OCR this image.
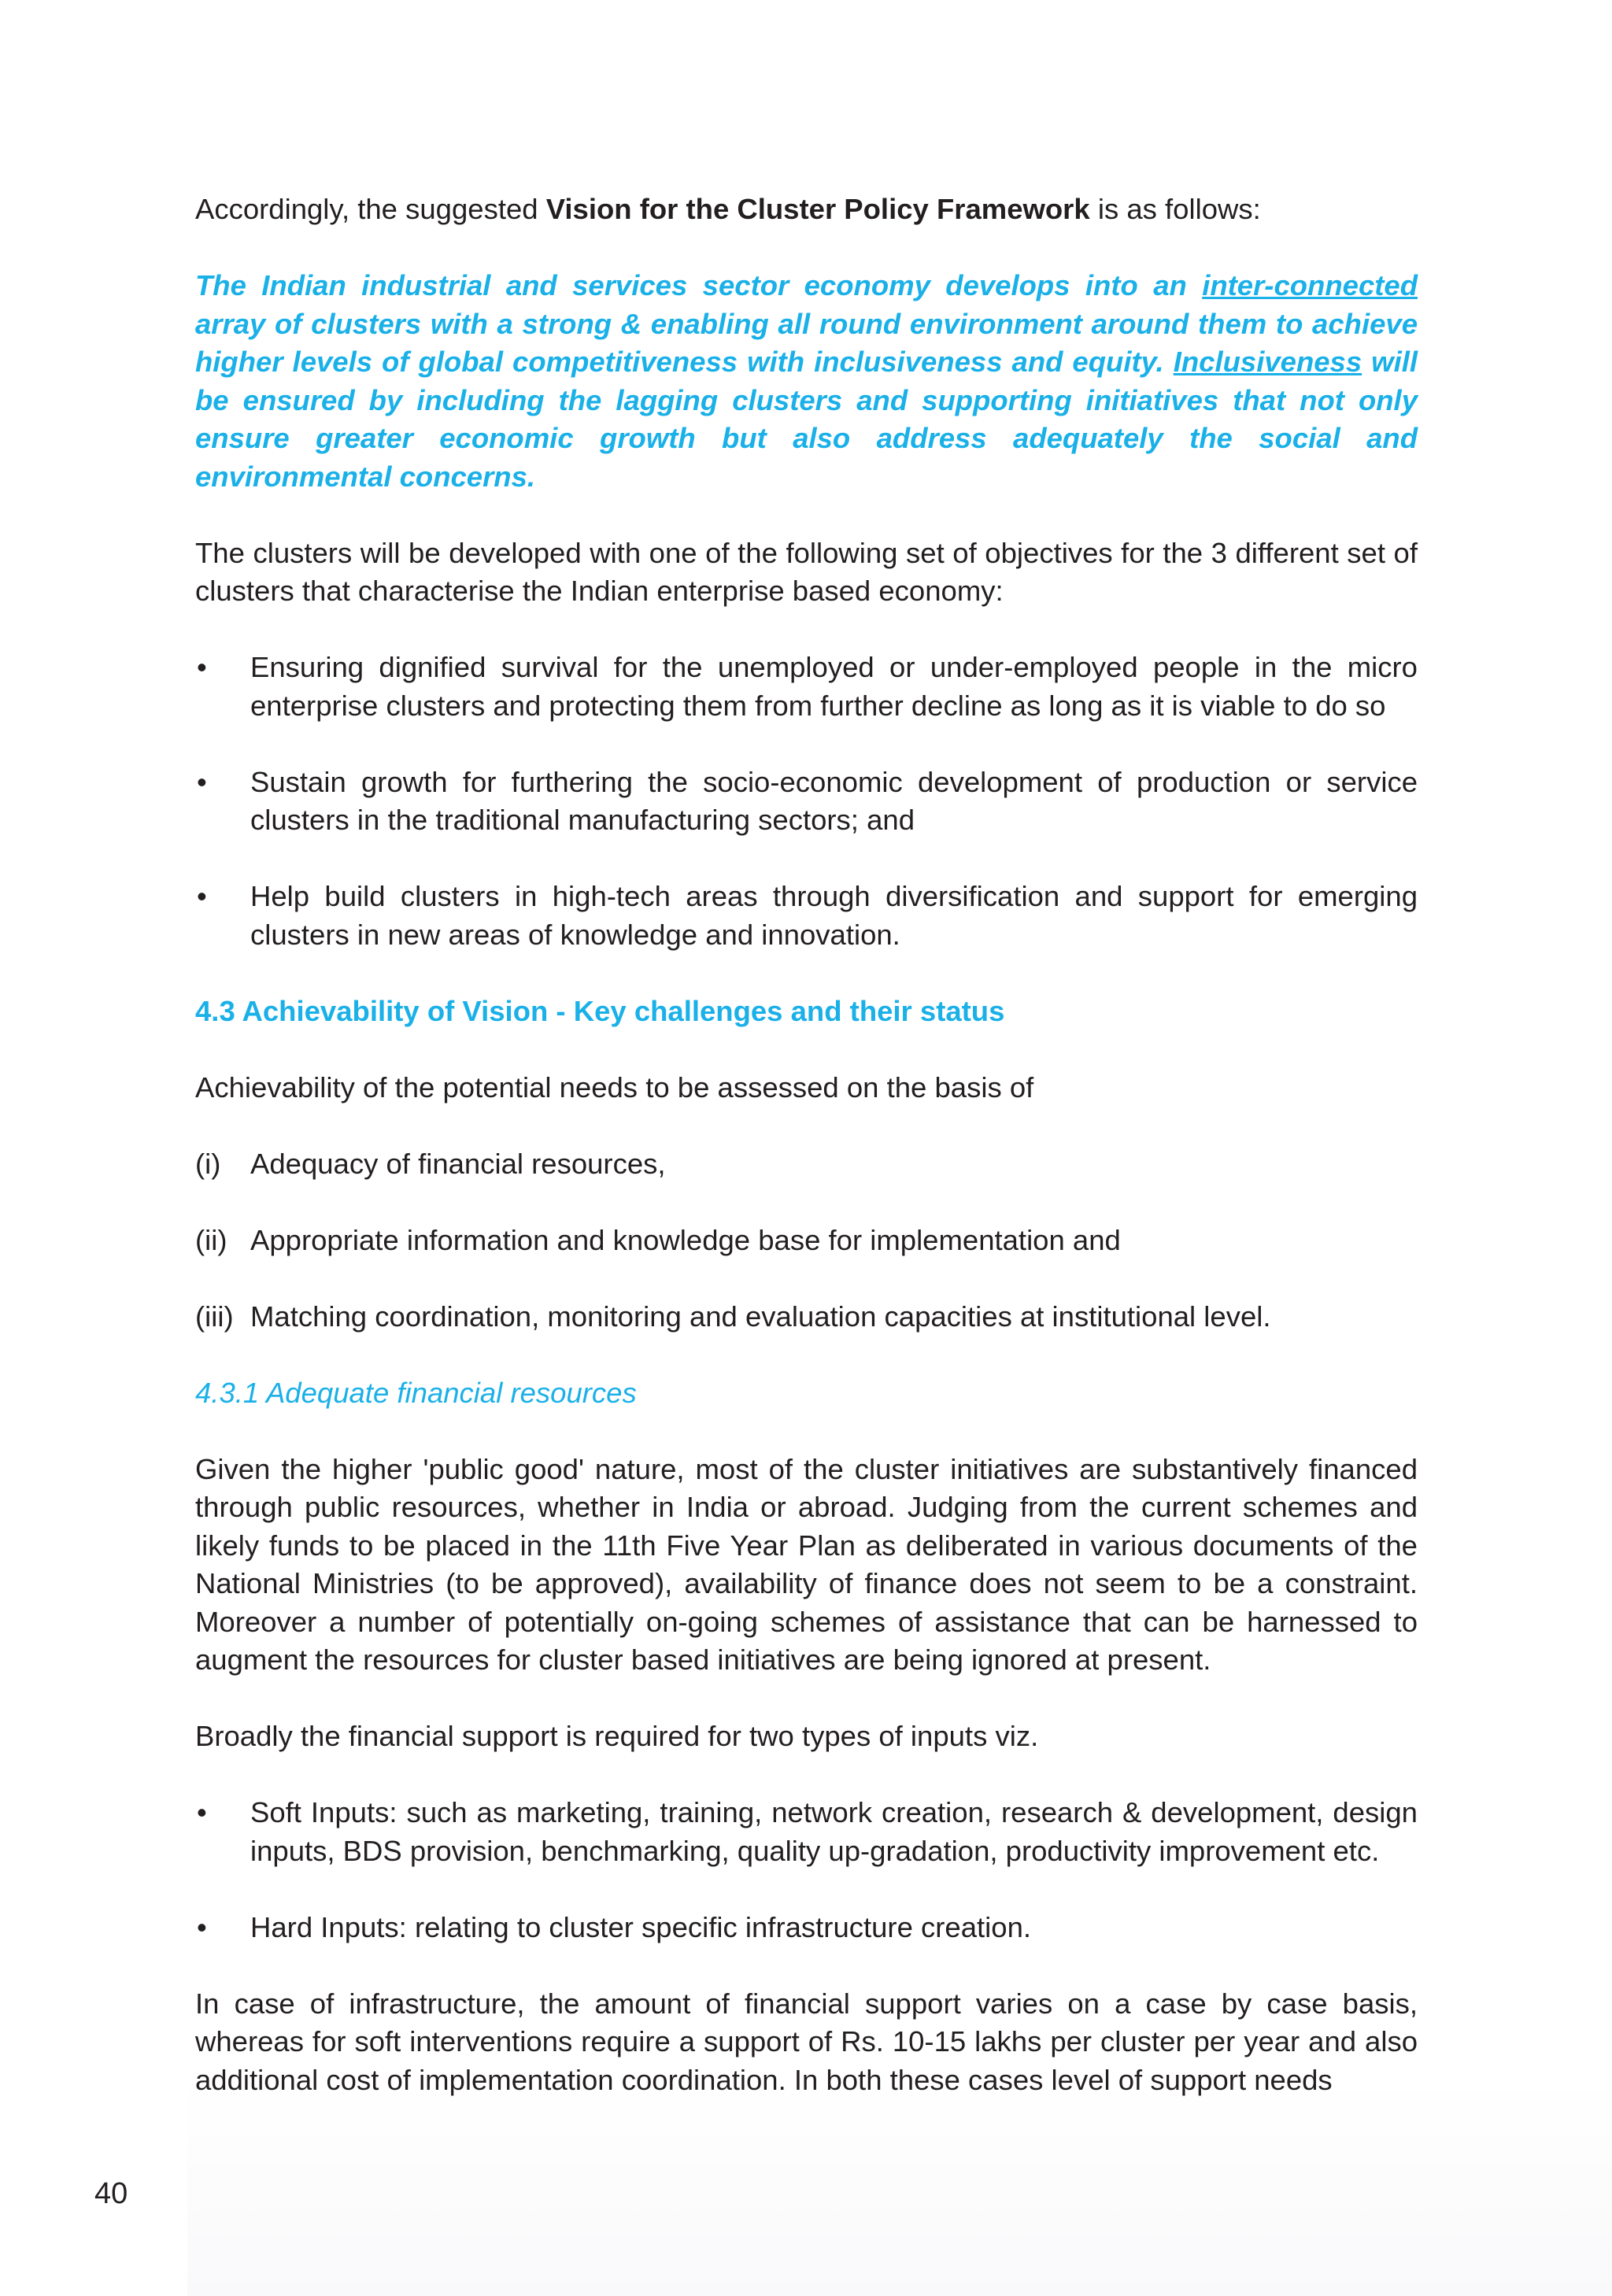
Accordingly, the suggested Vision for the Cluster Policy Framework is as follows:

The Indian industrial and services sector economy develops into an inter-connected array of clusters with a strong & enabling all round environment around them to achieve higher levels of global competitiveness with inclusiveness and equity. Inclusiveness will be ensured by including the lagging clusters and supporting initiatives that not only ensure greater economic growth but also address adequately the social and environmental concerns.

The clusters will be developed with one of the following set of objectives for the 3 different set of clusters that characterise the Indian enterprise based economy:

• Ensuring dignified survival for the unemployed or under-employed people in the micro enterprise clusters and protecting them from further decline as long as it is viable to do so
• Sustain growth for furthering the socio-economic development of production or service clusters in the traditional manufacturing sectors; and
• Help build clusters in high-tech areas through diversification and support for emerging clusters in new areas of knowledge and innovation.
4.3 Achievability of Vision - Key challenges and their status

Achievability of the potential needs to be assessed on the basis of

(i) Adequacy of financial resources,
(ii) Appropriate information and knowledge base for implementation and
(iii) Matching coordination, monitoring and evaluation capacities at institutional level.
4.3.1 Adequate financial resources

Given the higher 'public good' nature, most of the cluster initiatives are substantively financed through public resources, whether in India or abroad. Judging from the current schemes and likely funds to be placed in the 11th Five Year Plan as deliberated in various documents of the National Ministries (to be approved), availability of finance does not seem to be a constraint. Moreover a number of potentially on-going schemes of assistance that can be harnessed to augment the resources for cluster based initiatives are being ignored at present.

Broadly the financial support is required for two types of inputs viz.

• Soft Inputs: such as marketing, training, network creation, research & development, design inputs, BDS provision, benchmarking, quality up-gradation, productivity improvement etc.
• Hard Inputs: relating to cluster specific infrastructure creation.

In case of infrastructure, the amount of financial support varies on a case by case basis, whereas for soft interventions require a support of Rs. 10-15 lakhs per cluster per year and also additional cost of implementation coordination. In both these cases level of support needs

40
